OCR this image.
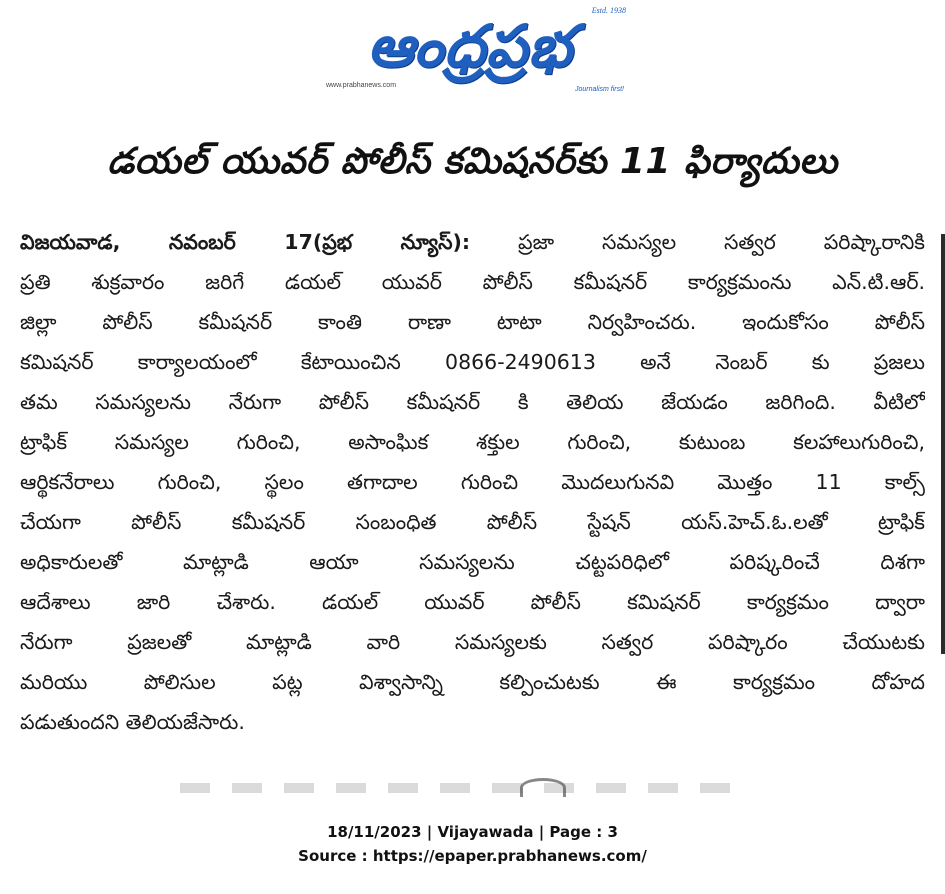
ఆంధ్రప్రభ
Estd. 1938
www.prabhanews.com
Journalism first!
డయల్ యువర్ పోలీస్ కమిషనర్‌కు 11 ఫిర్యాదులు
విజయవాడ, నవంబర్ 17(ప్రభ న్యూస్): ప్రజా సమస్యల సత్వర పరిష్కారానికి
ప్రతి శుక్రవారం జరిగే డయల్ యువర్ పోలీస్ కమీషనర్ కార్యక్రమంను ఎన్.టి.ఆర్.
జిల్లా పోలీస్ కమీషనర్ కాంతి రాణా టాటా నిర్వహించరు. ఇందుకోసం పోలీస్
కమిషనర్ కార్యాలయంలో కేటాయించిన 0866-2490613 అనే నెంబర్ కు ప్రజలు
తమ సమస్యలను నేరుగా పోలీస్ కమీషనర్ కి తెలియ జేయడం జరిగింది. వీటిలో
ట్రాఫిక్ సమస్యల గురించి, అసాంఘిక శక్తుల గురించి, కుటుంబ కలహాలుగురించి,
ఆర్థికనేరాలు గురించి, స్థలం తగాదాల గురించి మొదలుగునవి మొత్తం 11 కాల్స్
చేయగా పోలీస్ కమీషనర్ సంబంధిత పోలీస్ స్టేషన్ యస్.హెచ్.ఓ.లతో ట్రాఫిక్
అధికారులతో మాట్లాడి ఆయా సమస్యలను చట్టపరిధిలో పరిష్కరించే దిశగా
ఆదేశాలు జారి చేశారు. డయల్ యువర్ పోలీస్ కమిషనర్ కార్యక్రమం ద్వారా
నేరుగా ప్రజలతో మాట్లాడి వారి సమస్యలకు సత్వర పరిష్కారం చేయుటకు
మరియు పోలిసుల పట్ల విశ్వాసాన్ని కల్పించుటకు ఈ కార్యక్రమం దోహద
పడుతుందని తెలియజేసారు.
18/11/2023 | Vijayawada | Page : 3
Source : https://epaper.prabhanews.com/
